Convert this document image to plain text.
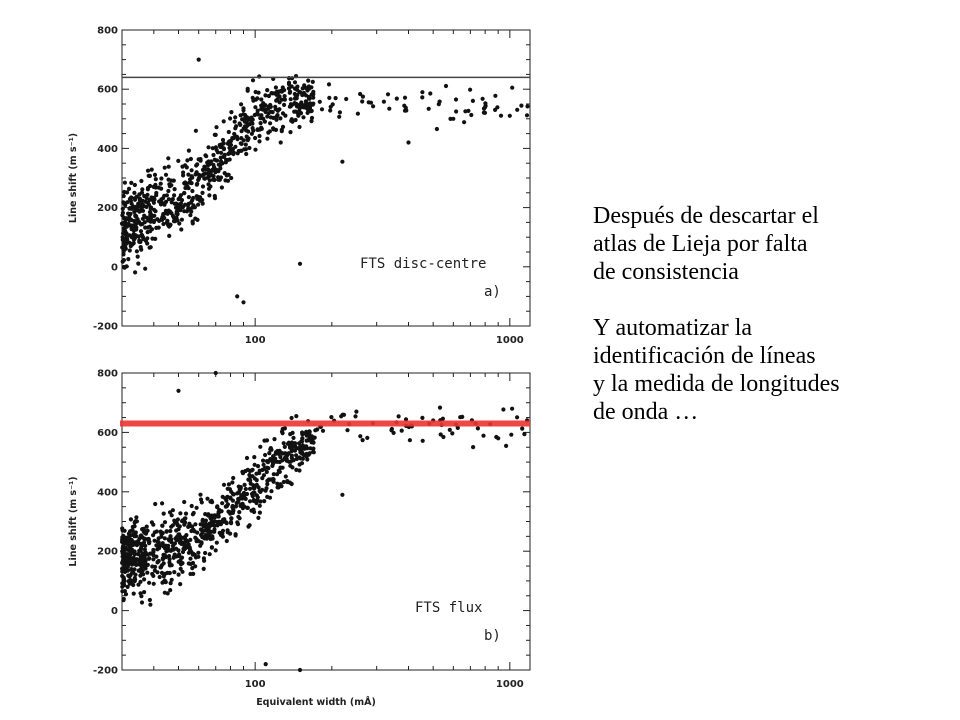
-200
0
200
400
600
800
100	1000
Line shift (m s⁻¹)
FTS disc-centre
a)
-200
0
200
400
600
800
100	1000
Line shift (m s⁻¹)
Equivalent width (mÅ)
FTS flux
b)

Después de descartar el
atlas de Lieja por falta
de consistencia

Y automatizar la
identificación de líneas
y la medida de longitudes
de onda …
